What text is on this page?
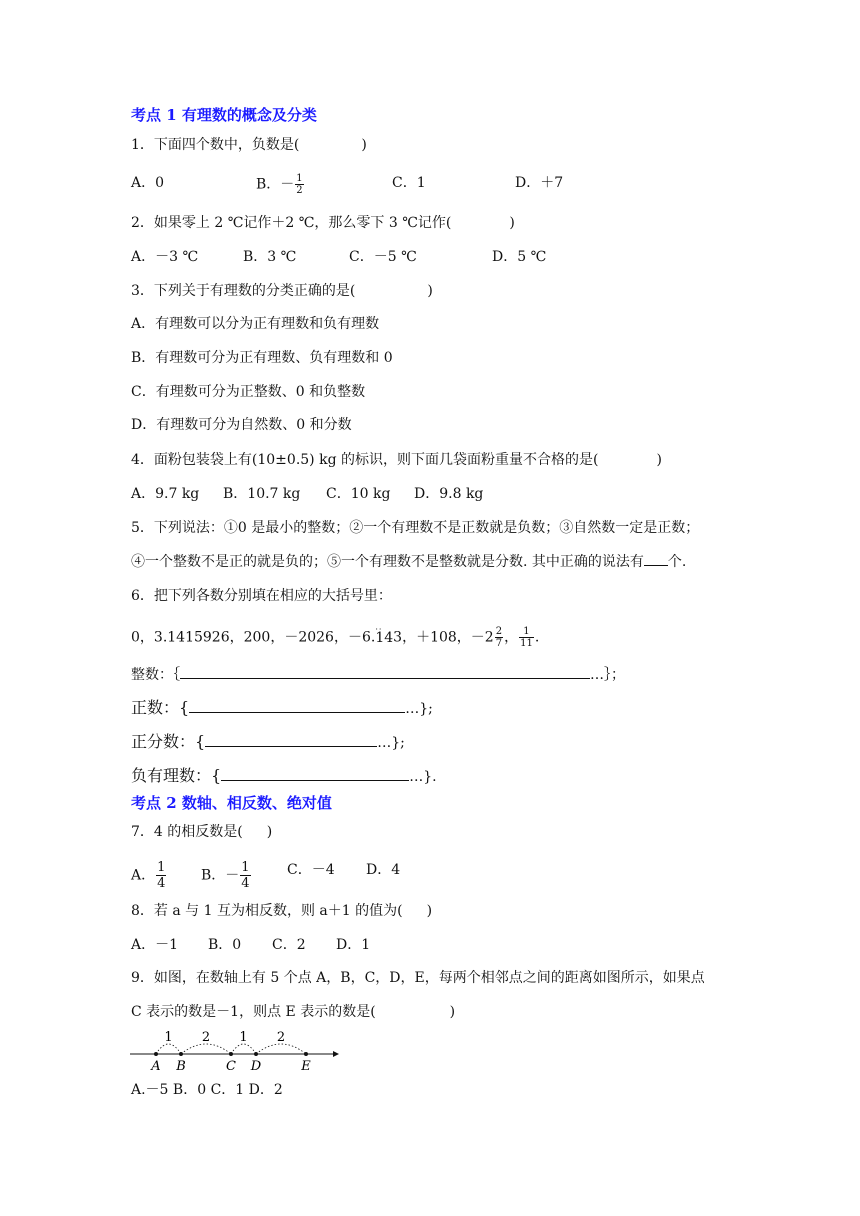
考点 1 有理数的概念及分类
1．下面四个数中，负数是(	)
A．0	B．－ $\frac{1}{2}$	C．1	D．＋7
2．如果零上 2 ℃记作＋2 ℃，那么零下 3 ℃记作(	)
A．－3 ℃	B．3 ℃	C．－5 ℃	D．5 ℃
3．下列关于有理数的分类正确的是(	)
A．有理数可以分为正有理数和负有理数
B．有理数可分为正有理数、负有理数和 0
C．有理数可分为正整数、0 和负整数
D．有理数可分为自然数、0 和分数
4．面粉包装袋上有(10±0.5) kg 的标识，则下面几袋面粉重量不合格的是(	)
A．9.7 kg B．10.7 kg C．10 kg D．9.8 kg
5．下列说法：①0 是最小的整数；②一个有理数不是正数就是负数；③自然数一定是正数；
④一个整数不是正的就是负的；⑤一个有理数不是整数就是分数. 其中正确的说法有 个.
6．把下列各数分别填在相应的大括号里：
0，3.1415926，200，－2026，－6.·· 143，＋108，$-2 \frac{2}{7}$ ， $\frac{1}{11}$ .
整数：｛	…｝；
正数：{	…};
正分数：{	…};
负有理数：{	…}.
考点 2 数轴、相反数、绝对值
7．4 的相反数是( )
A． $\frac{1}{4}$ B．－ $\frac{1}{4}$	C．－4 D．4
8．若 a 与 1 互为相反数，则 a＋1 的值为( )
A．－1 B．0 C．2 D．1
9．如图，在数轴上有 5 个点 A，B，C，D，E，每两个相邻点之间的距离如图所示，如果点
C 表示的数是－1，则点 E 表示的数是(	)
1 2 1 2
A B	C D	E
A.－5 B．0 C．1 D．2
